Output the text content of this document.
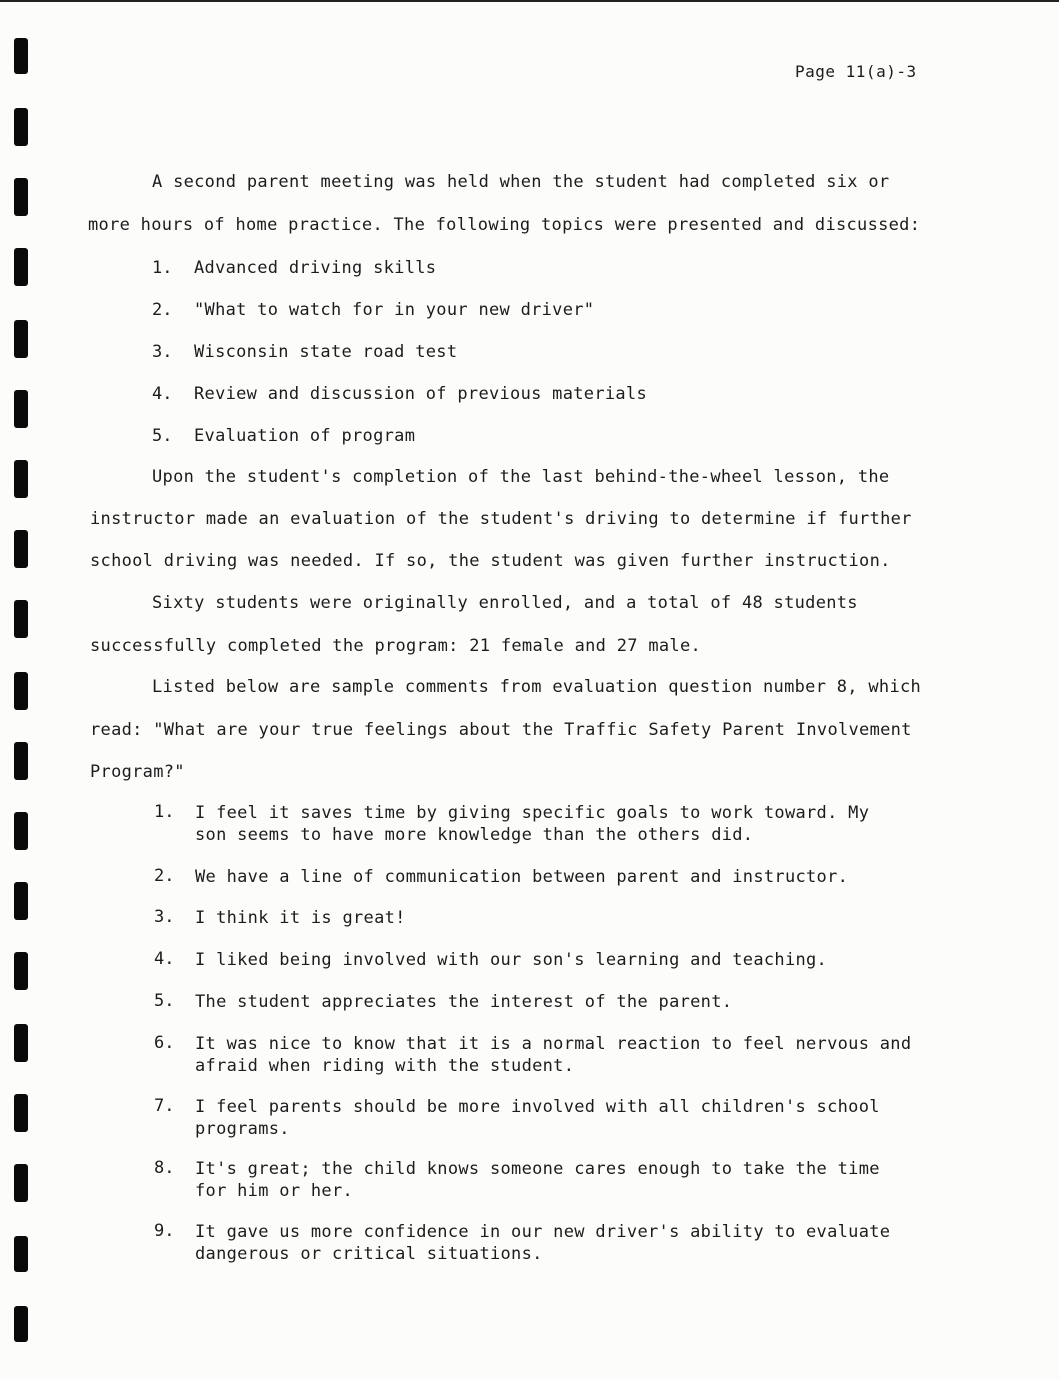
Page 11(a)-3
A second parent meeting was held when the student had completed six or
more hours of home practice. The following topics were presented and discussed:
1. Advanced driving skills
2. "What to watch for in your new driver"
3. Wisconsin state road test
4. Review and discussion of previous materials
5. Evaluation of program
Upon the student's completion of the last behind-the-wheel lesson, the
instructor made an evaluation of the student's driving to determine if further
school driving was needed. If so, the student was given further instruction.
Sixty students were originally enrolled, and a total of 48 students
successfully completed the program: 21 female and 27 male.
Listed below are sample comments from evaluation question number 8, which
read: "What are your true feelings about the Traffic Safety Parent Involvement
Program?"
1. I feel it saves time by giving specific goals to work toward. My
son seems to have more knowledge than the others did.
2. We have a line of communication between parent and instructor.
3. I think it is great!
4. I liked being involved with our son's learning and teaching.
5. The student appreciates the interest of the parent.
6. It was nice to know that it is a normal reaction to feel nervous and
afraid when riding with the student.
7. I feel parents should be more involved with all children's school
programs.
8. It's great; the child knows someone cares enough to take the time
for him or her.
9. It gave us more confidence in our new driver's ability to evaluate
dangerous or critical situations.
